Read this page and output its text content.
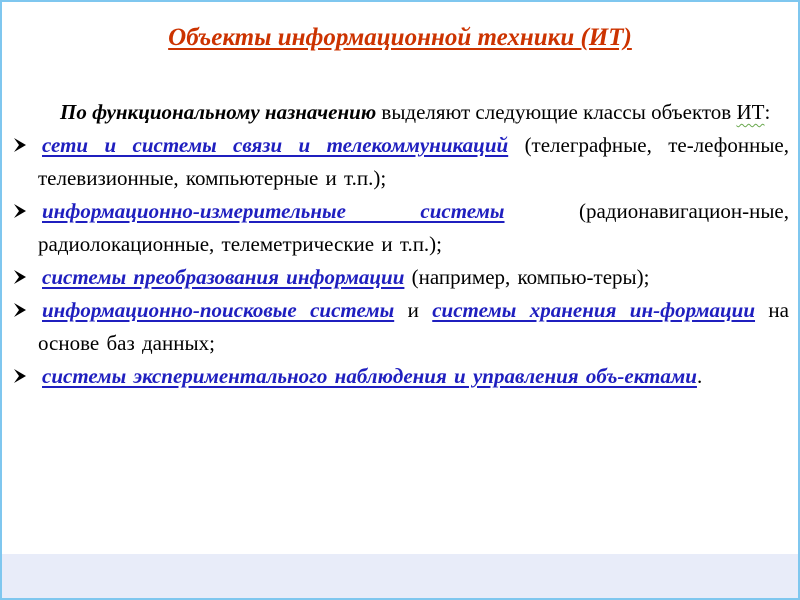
Объекты информационной техники (ИТ)

По функциональному назначению выделяют следующие классы объектов ИТ:

сети и системы связи и телекоммуникаций (телеграфные, те-лефонные, телевизионные, компьютерные и т.п.);
информационно-измерительные системы (радионавигацион-ные, радиолокационные, телеметрические и т.п.);
системы преобразования информации (например, компью-теры);
информационно-поисковые системы и системы хранения ин-формации на основе баз данных;
системы экспериментального наблюдения и управления объ-ектами.
